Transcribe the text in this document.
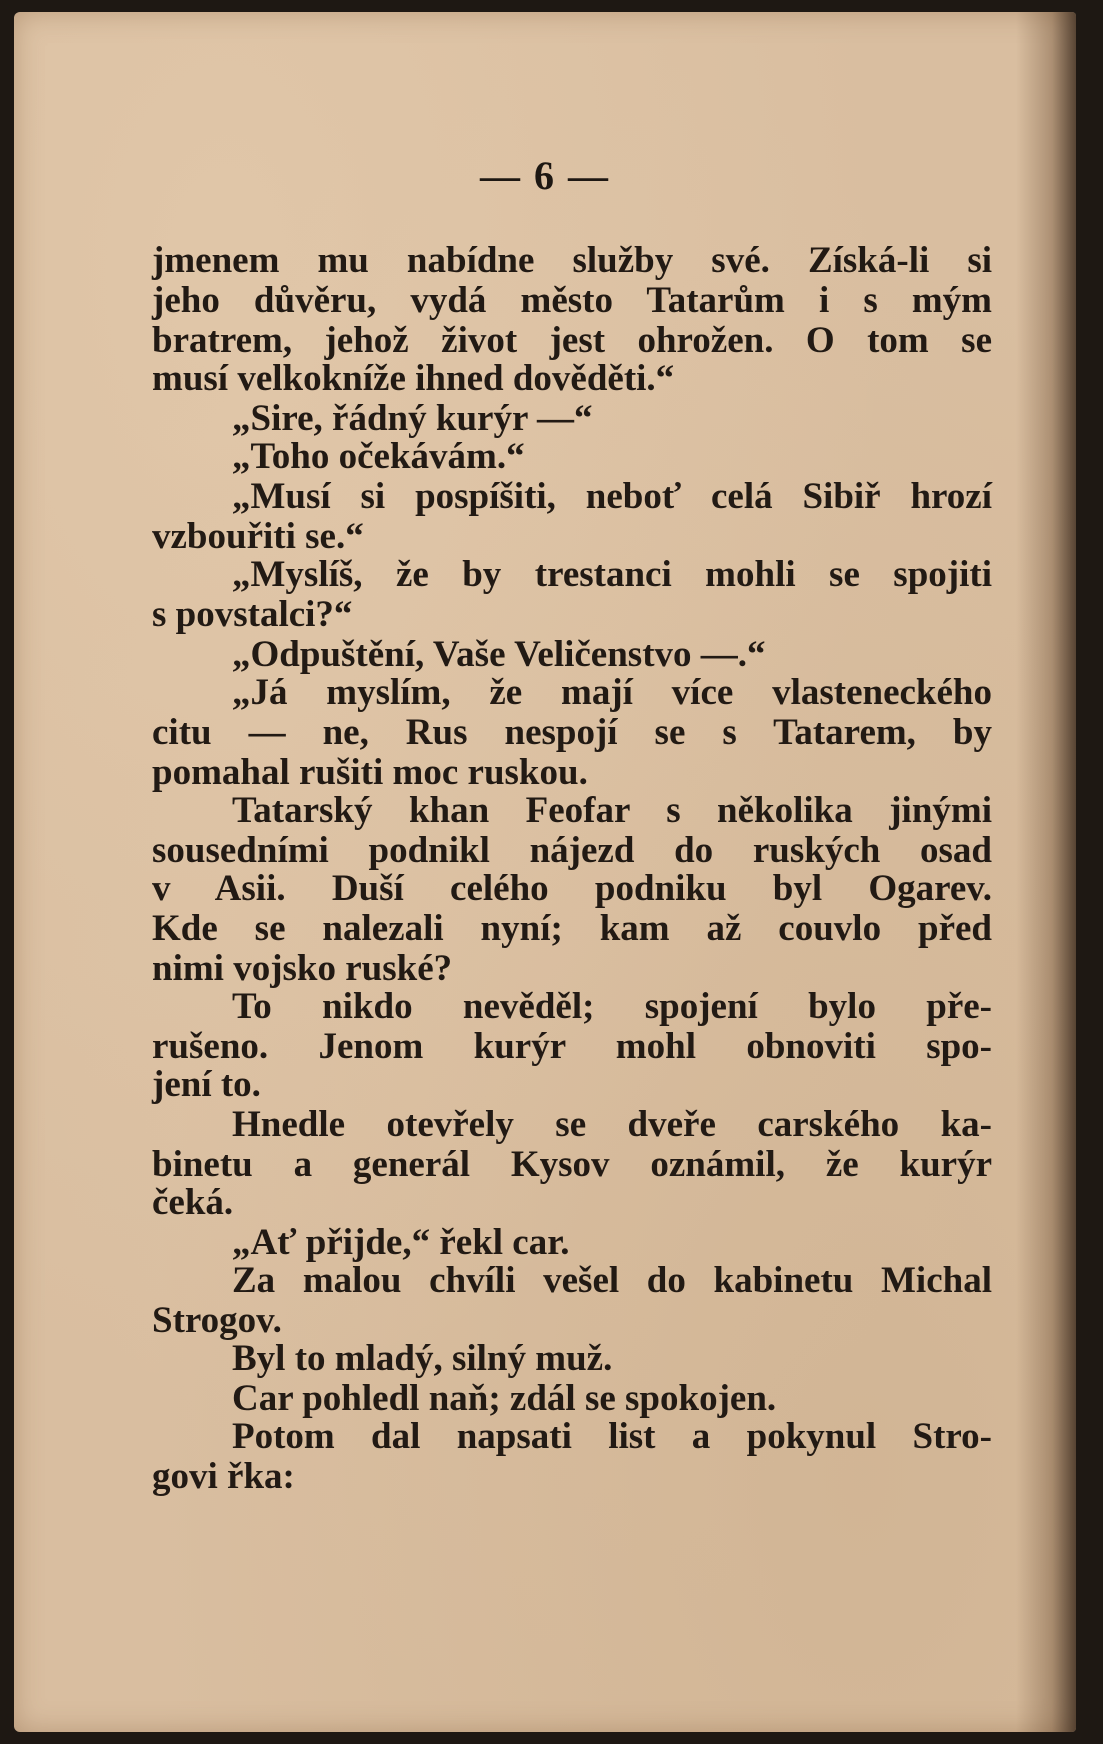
— 6 —
jmenem mu nabídne služby své. Získá-li si
jeho důvěru, vydá město Tatarům i s mým
bratrem, jehož život jest ohrožen. O tom se
musí velkokníže ihned dověděti.“
„Sire, řádný kurýr —“
„Toho očekávám.“
„Musí si pospíšiti, neboť celá Sibiř hrozí
vzbouřiti se.“
„Myslíš, že by trestanci mohli se spojiti
s povstalci?“
„Odpuštění, Vaše Veličenstvo —.“
„Já myslím, že mají více vlasteneckého
citu — ne, Rus nespojí se s Tatarem, by
pomahal rušiti moc ruskou.
Tatarský khan Feofar s několika jinými
sousedními podnikl nájezd do ruských osad
v Asii. Duší celého podniku byl Ogarev.
Kde se nalezali nyní; kam až couvlo před
nimi vojsko ruské?
To nikdo nevěděl; spojení bylo pře-
rušeno. Jenom kurýr mohl obnoviti spo-
jení to.
Hnedle otevřely se dveře carského ka-
binetu a generál Kysov oznámil, že kurýr
čeká.
„Ať přijde,“ řekl car.
Za malou chvíli vešel do kabinetu Michal
Strogov.
Byl to mladý, silný muž.
Car pohledl naň; zdál se spokojen.
Potom dal napsati list a pokynul Stro-
govi řka:
